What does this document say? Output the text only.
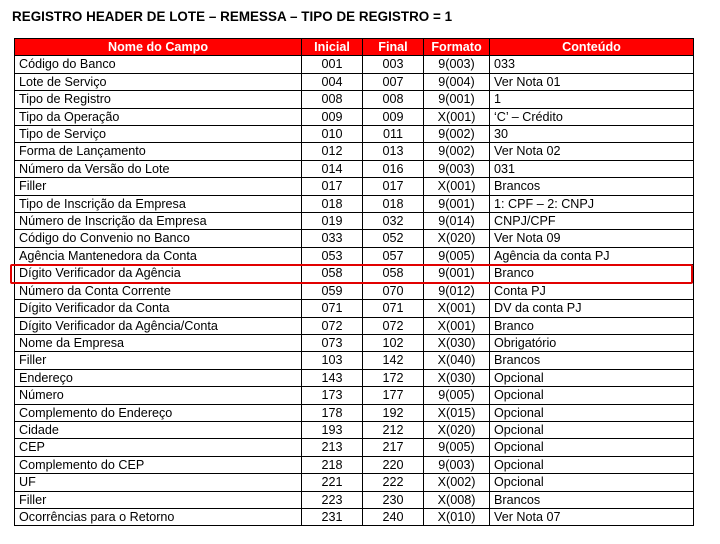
REGISTRO HEADER DE LOTE – REMESSA – TIPO DE REGISTRO = 1
Nome do Campo	Inicial	Final	Formato	Conteúdo
Código do Banco	001	003	9(003)	033
Lote de Serviço	004	007	9(004)	Ver Nota 01
Tipo de Registro	008	008	9(001)	1
Tipo da Operação	009	009	X(001)	‘C’ – Crédito
Tipo de Serviço	010	011	9(002)	30
Forma de Lançamento	012	013	9(002)	Ver Nota 02
Número da Versão do Lote	014	016	9(003)	031
Filler	017	017	X(001)	Brancos
Tipo de Inscrição da Empresa	018	018	9(001)	1: CPF – 2: CNPJ
Número de Inscrição da Empresa	019	032	9(014)	CNPJ/CPF
Código do Convenio no Banco	033	052	X(020)	Ver Nota 09
Agência Mantenedora da Conta	053	057	9(005)	Agência da conta PJ
Dígito Verificador da Agência	058	058	9(001)	Branco
Número da Conta Corrente	059	070	9(012)	Conta PJ
Dígito Verificador da Conta	071	071	X(001)	DV da conta PJ
Dígito Verificador da Agência/Conta	072	072	X(001)	Branco
Nome da Empresa	073	102	X(030)	Obrigatório
Filler	103	142	X(040)	Brancos
Endereço	143	172	X(030)	Opcional
Número	173	177	9(005)	Opcional
Complemento do Endereço	178	192	X(015)	Opcional
Cidade	193	212	X(020)	Opcional
CEP	213	217	9(005)	Opcional
Complemento do CEP	218	220	9(003)	Opcional
UF	221	222	X(002)	Opcional
Filler	223	230	X(008)	Brancos
Ocorrências para o Retorno	231	240	X(010)	Ver Nota 07
